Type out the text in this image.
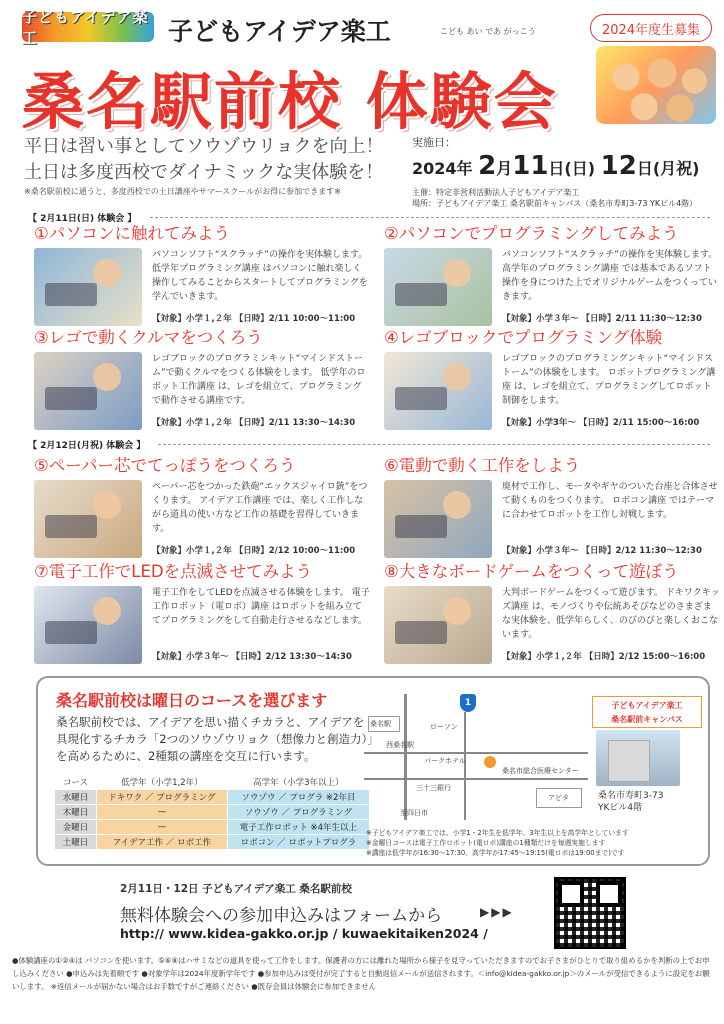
子どもアイデア楽工	子どもアイデア楽工	こども あい であ がっこう
桑名駅前校 体験会
2024年度生募集
平日は習い事としてソウゾウリョクを向上！
土日は多度西校でダイナミックな実体験を！
※桑名駅前校に通うと、多度西校での土日講座やサマースクールがお得に参加できます※
実施日：
2024年 2月11日(日) 12日(月祝)
主催：特定非営利活動法人子どもアイデア楽工
場所：子どもアイデア楽工 桑名駅前キャンパス（桑名市寿町3-73 YKビル4階）
【 2月11日(日) 体験会 】
①パソコンに触れてみよう
パソコンソフト“スクラッチ”の操作を実体験します。 低学年プログラミング講座 はパソコンに触れ楽しく操作してみることからスタートしてプログラミングを学んでいきます。
【対象】小学１,２年 【日時】2/11 10:00～11:00
②パソコンでプログラミングしてみよう
パソコンソフト“スクラッチ”の操作を実体験します。 高学年のプログラミング講座 では基本であるソフト操作を身につけた上でオリジナルゲームをつくっていきます。
【対象】小学３年～ 【日時】2/11 11:30～12:30
③レゴで動くクルマをつくろう
レゴブロックのプログラミンキット“マインドストーム”で動くクルマをつくる体験をします。 低学年のロボット工作講座 は、レゴを組立て、プログラミングで動作させる講座です。
【対象】小学１,２年 【日時】2/11 13:30～14:30
④レゴブロックでプログラミング体験
レゴブロックのプログラミングンキット“マインドストーム”の体験をします。 ロボットプログラミング講座 は、レゴを組立て、プログラミングしてロボット制御をします。
【対象】小学3年～ 【日時】2/11 15:00～16:00
【 2月12日(月祝) 体験会 】
⑤ペーパー芯でてっぽうをつくろう
ペーパー芯をつかった鉄砲“エックスジャイロ銃”をつくります。 アイデア工作講座 では、楽しく工作しながら道具の使い方など工作の基礎を習得していきます。
【対象】小学１,２年 【日時】2/12 10:00～11:00
⑥電動で動く工作をしよう
廃材で工作し、モータやギヤのついた台座と合体させて動くものをつくります。 ロボコン講座 ではテーマに合わせてロボットを工作し対戦します。
【対象】小学３年～ 【日時】2/12 11:30～12:30
⑦電子工作でLEDを点滅させてみよう
電子工作をしてLEDを点滅させる体験をします。 電子工作ロボット（電ロボ）講座 はロボットを組み立ててプログラミングをして自動走行させるなどします。
【対象】小学３年～ 【日時】2/12 13:30～14:30
⑧大きなボードゲームをつくって遊ぼう
大判ボードゲームをつくって遊びます。 ドキワクキッズ講座 は、モノづくりや伝統あそびなどのさまざまな実体験を、低学年らしく、のびのびと楽しくおこないます。
【対象】小学１,２年 【日時】2/12 15:00～16:00
桑名駅前校は曜日のコースを選びます
桑名駅前校では、アイデアを思い描くチカラと、アイデアを具現化するチカラ「2つのソウゾウリョク（想像力と創造力）」を高めるために、2種類の講座を交互に行います。
コース	低学年（小学1,2年）	高学年（小学3年以上）
水曜日	ドキワク ／ プログラミング	ソウゾウ ／ プログラ ※2年目
木曜日	—	ソウゾウ ／ プログラミング
金曜日	—	電子工作ロボット ※4年生以上
土曜日	アイデア工作 ／ ロボ工作	ロボコン ／ ロボットプログラ
1
桑名駅	ローソン
西桑名駅
パークホテル
桑名市総合医療センター
三十三銀行
アピタ
至四日市
子どもアイデア楽工
桑名駅前キャンパス
桑名市寿町3-73
YKビル4階
※子どもアイデア楽工では、小学1・2年生を低学年、3年生以上を高学年としています
※金曜日コースは電子工作ロボット(電ロボ)講座の1種類だけを毎週実施します
※講座は低学年が16:30～17:30、高学年が17:45～19:15(電ロボは19:00まで)です
2月11日・12日 子どもアイデア楽工 桑名駅前校
無料体験会への参加申込みはフォームから	▶▶▶
http:// www.kidea-gakko.or.jp / kuwaekitaiken2024 /
●体験講座の①②④は パソコンを使います。⑤⑥⑧はハサミなどの道具を使って工作をします。保護者の方には離れた場所から様子を見守っていただきますのでお子さまがひとりで取り組めるかを判断の上でお申し込みください ●申込みは先着順です ●対象学年は2024年度新学年です ●参加申込みは受付が完了すると自動返信メールが送信されます。＜info@kidea-gakko.or.jp＞のメールが受信できるように設定をお願いします。 ※返信メールが届かない場合はお手数ですがご連絡ください ●既存会員は体験会に参加できません
